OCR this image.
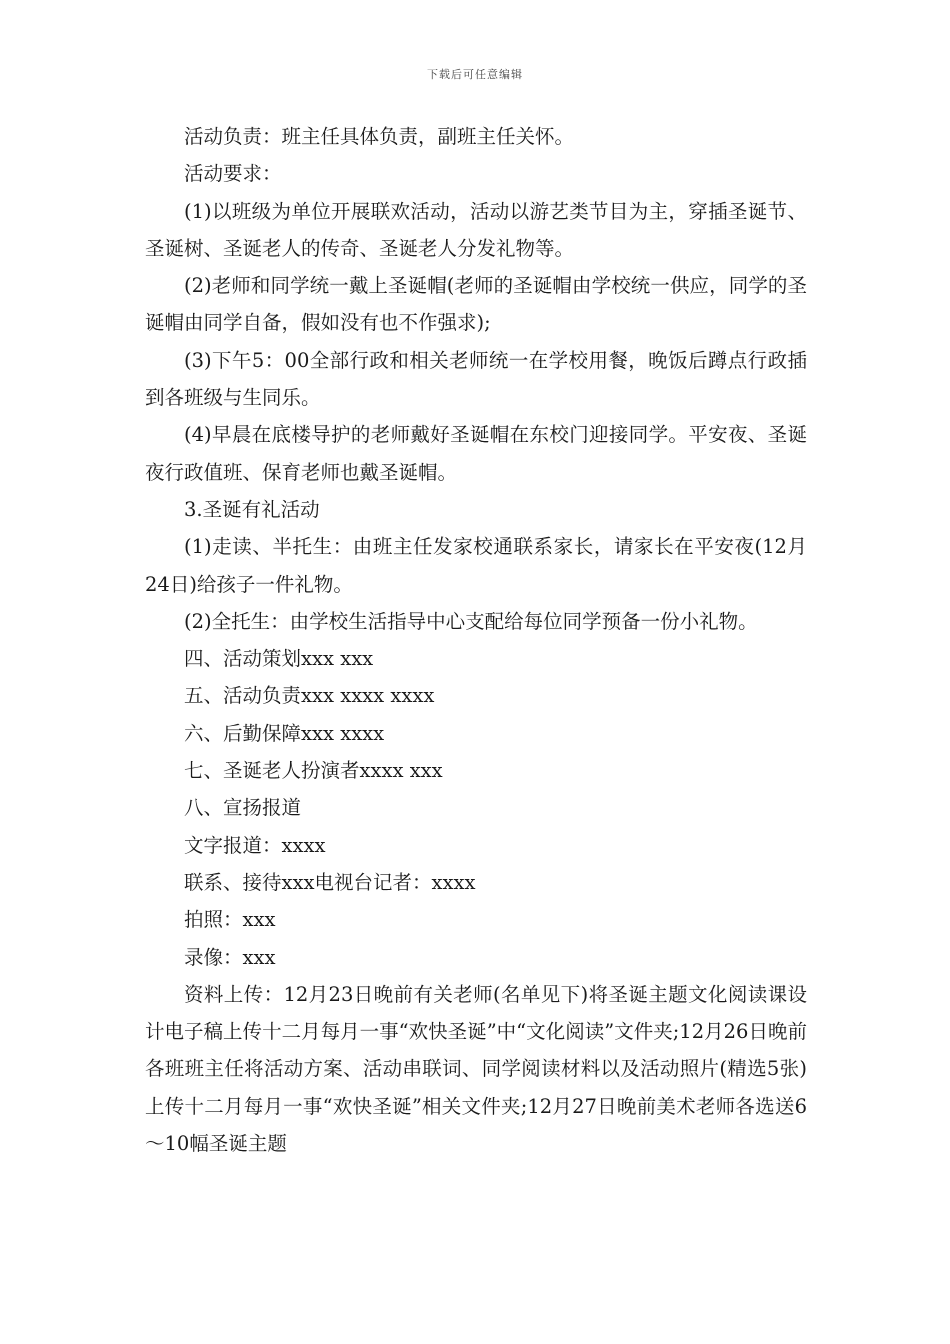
下载后可任意编辑

活动负责：班主任具体负责，副班主任关怀。

活动要求：

(1)以班级为单位开展联欢活动，活动以游艺类节目为主，穿插圣诞节、圣诞树、圣诞老人的传奇、圣诞老人分发礼物等。

(2)老师和同学统一戴上圣诞帽(老师的圣诞帽由学校统一供应，同学的圣诞帽由同学自备，假如没有也不作强求);

(3)下午5：00全部行政和相关老师统一在学校用餐，晚饭后蹲点行政插到各班级与生同乐。

(4)早晨在底楼导护的老师戴好圣诞帽在东校门迎接同学。平安夜、圣诞夜行政值班、保育老师也戴圣诞帽。

3.圣诞有礼活动

(1)走读、半托生：由班主任发家校通联系家长，请家长在平安夜(12月24日)给孩子一件礼物。

(2)全托生：由学校生活指导中心支配给每位同学预备一份小礼物。

四、活动策划xxx xxx

五、活动负责xxx xxxx xxxx

六、后勤保障xxx xxxx

七、圣诞老人扮演者xxxx xxx

八、宣扬报道

文字报道：xxxx

联系、接待xxx电视台记者：xxxx

拍照：xxx

录像：xxx

资料上传：12月23日晚前有关老师(名单见下)将圣诞主题文化阅读课设计电子稿上传十二月每月一事“欢快圣诞”中“文化阅读”文件夹;12月26日晚前各班班主任将活动方案、活动串联词、同学阅读材料以及活动照片(精选5张)上传十二月每月一事“欢快圣诞”相关文件夹;12月27日晚前美术老师各选送6～10幅圣诞主题
